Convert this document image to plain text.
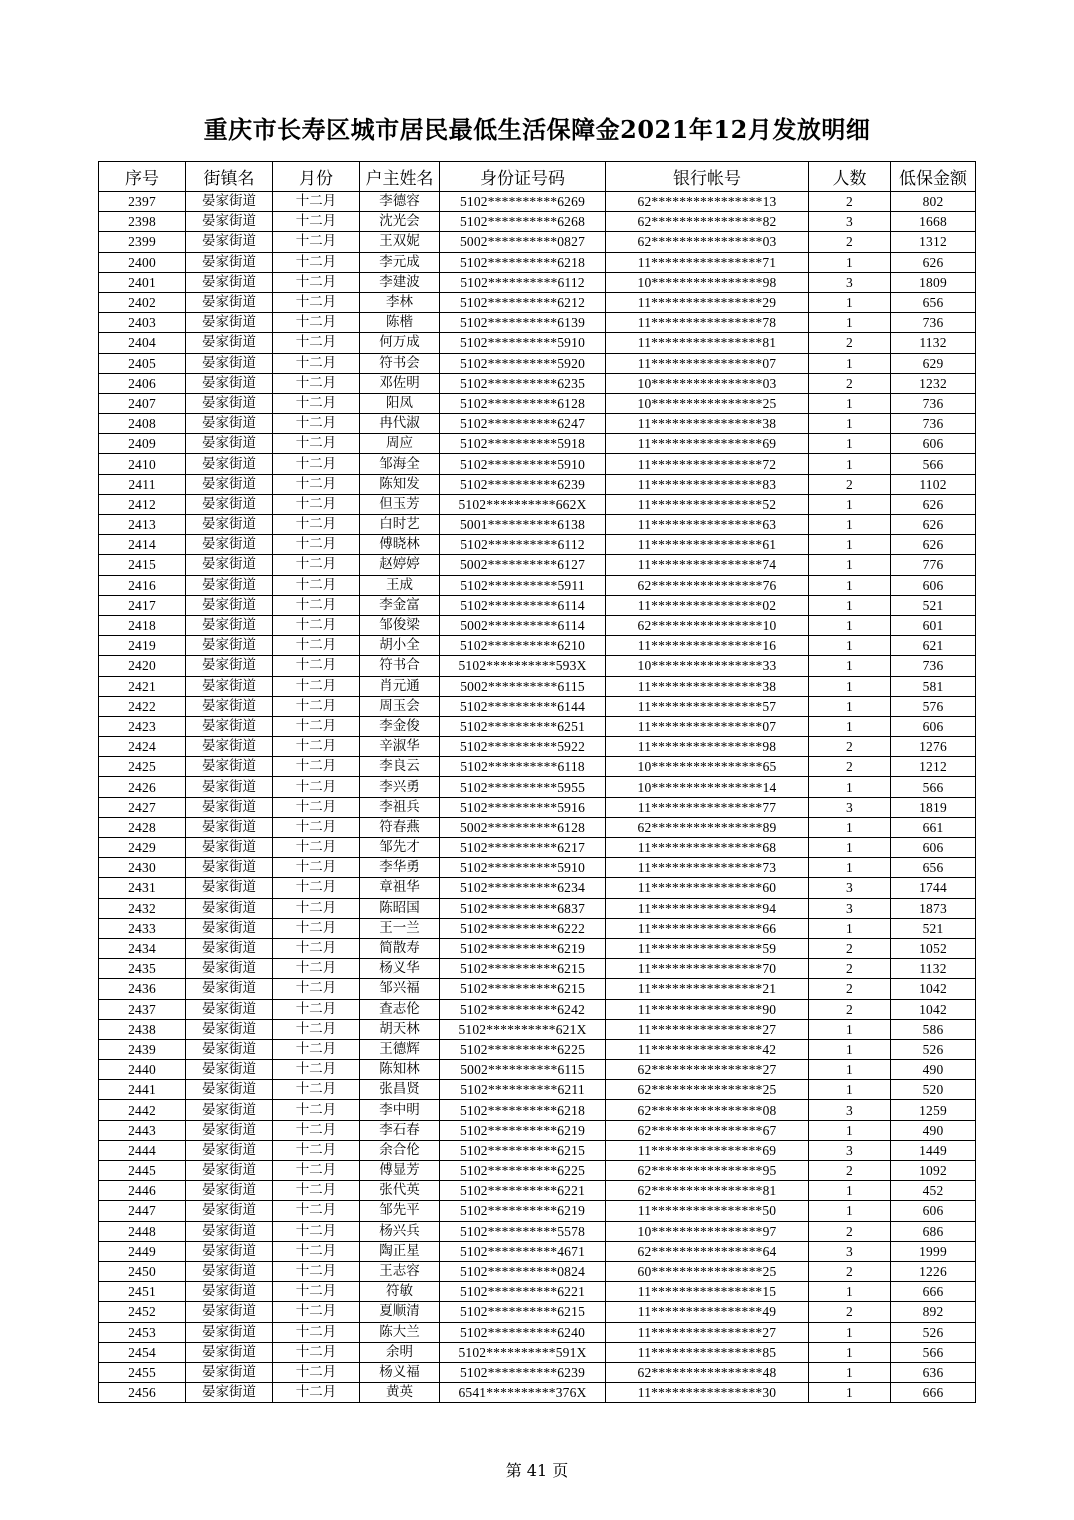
重庆市长寿区城市居民最低生活保障金2021年12月发放明细
序号	街镇名	月份	户主姓名	身份证号码	银行帐号	人数	低保金额
2397	晏家街道	十二月	李德容	5102**********6269	62****************13	2	802
2398	晏家街道	十二月	沈光会	5102**********6268	62****************82	3	1668
2399	晏家街道	十二月	王双妮	5002**********0827	62****************03	2	1312
2400	晏家街道	十二月	李元成	5102**********6218	11****************71	1	626
2401	晏家街道	十二月	李建波	5102**********6112	10****************98	3	1809
2402	晏家街道	十二月	李林	5102**********6212	11****************29	1	656
2403	晏家街道	十二月	陈楷	5102**********6139	11****************78	1	736
2404	晏家街道	十二月	何万成	5102**********5910	11****************81	2	1132
2405	晏家街道	十二月	符书会	5102**********5920	11****************07	1	629
2406	晏家街道	十二月	邓佐明	5102**********6235	10****************03	2	1232
2407	晏家街道	十二月	阳凤	5102**********6128	10****************25	1	736
2408	晏家街道	十二月	冉代淑	5102**********6247	11****************38	1	736
2409	晏家街道	十二月	周应	5102**********5918	11****************69	1	606
2410	晏家街道	十二月	邹海全	5102**********5910	11****************72	1	566
2411	晏家街道	十二月	陈知发	5102**********6239	11****************83	2	1102
2412	晏家街道	十二月	但玉芳	5102**********662X	11****************52	1	626
2413	晏家街道	十二月	白时艺	5001**********6138	11****************63	1	626
2414	晏家街道	十二月	傅晓林	5102**********6112	11****************61	1	626
2415	晏家街道	十二月	赵婷婷	5002**********6127	11****************74	1	776
2416	晏家街道	十二月	王成	5102**********5911	62****************76	1	606
2417	晏家街道	十二月	李金富	5102**********6114	11****************02	1	521
2418	晏家街道	十二月	邹俊梁	5002**********6114	62****************10	1	601
2419	晏家街道	十二月	胡小全	5102**********6210	11****************16	1	621
2420	晏家街道	十二月	符书合	5102**********593X	10****************33	1	736
2421	晏家街道	十二月	肖元通	5002**********6115	11****************38	1	581
2422	晏家街道	十二月	周玉会	5102**********6144	11****************57	1	576
2423	晏家街道	十二月	李金俊	5102**********6251	11****************07	1	606
2424	晏家街道	十二月	辛淑华	5102**********5922	11****************98	2	1276
2425	晏家街道	十二月	李良云	5102**********6118	10****************65	2	1212
2426	晏家街道	十二月	李兴勇	5102**********5955	10****************14	1	566
2427	晏家街道	十二月	李祖兵	5102**********5916	11****************77	3	1819
2428	晏家街道	十二月	符春燕	5002**********6128	62****************89	1	661
2429	晏家街道	十二月	邹先才	5102**********6217	11****************68	1	606
2430	晏家街道	十二月	李华勇	5102**********5910	11****************73	1	656
2431	晏家街道	十二月	章祖华	5102**********6234	11****************60	3	1744
2432	晏家街道	十二月	陈昭国	5102**********6837	11****************94	3	1873
2433	晏家街道	十二月	王一兰	5102**********6222	11****************66	1	521
2434	晏家街道	十二月	简散寿	5102**********6219	11****************59	2	1052
2435	晏家街道	十二月	杨义华	5102**********6215	11****************70	2	1132
2436	晏家街道	十二月	邹兴福	5102**********6215	11****************21	2	1042
2437	晏家街道	十二月	查志伦	5102**********6242	11****************90	2	1042
2438	晏家街道	十二月	胡天林	5102**********621X	11****************27	1	586
2439	晏家街道	十二月	王德辉	5102**********6225	11****************42	1	526
2440	晏家街道	十二月	陈知林	5002**********6115	62****************27	1	490
2441	晏家街道	十二月	张昌贤	5102**********6211	62****************25	1	520
2442	晏家街道	十二月	李中明	5102**********6218	62****************08	3	1259
2443	晏家街道	十二月	李石春	5102**********6219	62****************67	1	490
2444	晏家街道	十二月	余合伦	5102**********6215	11****************69	3	1449
2445	晏家街道	十二月	傅显芳	5102**********6225	62****************95	2	1092
2446	晏家街道	十二月	张代英	5102**********6221	62****************81	1	452
2447	晏家街道	十二月	邹先平	5102**********6219	11****************50	1	606
2448	晏家街道	十二月	杨兴兵	5102**********5578	10****************97	2	686
2449	晏家街道	十二月	陶正星	5102**********4671	62****************64	3	1999
2450	晏家街道	十二月	王志容	5102**********0824	60****************25	2	1226
2451	晏家街道	十二月	符敏	5102**********6221	11****************15	1	666
2452	晏家街道	十二月	夏顺清	5102**********6215	11****************49	2	892
2453	晏家街道	十二月	陈大兰	5102**********6240	11****************27	1	526
2454	晏家街道	十二月	余明	5102**********591X	11****************85	1	566
2455	晏家街道	十二月	杨义福	5102**********6239	62****************48	1	636
2456	晏家街道	十二月	黄英	6541**********376X	11****************30	1	666
第 41 页
